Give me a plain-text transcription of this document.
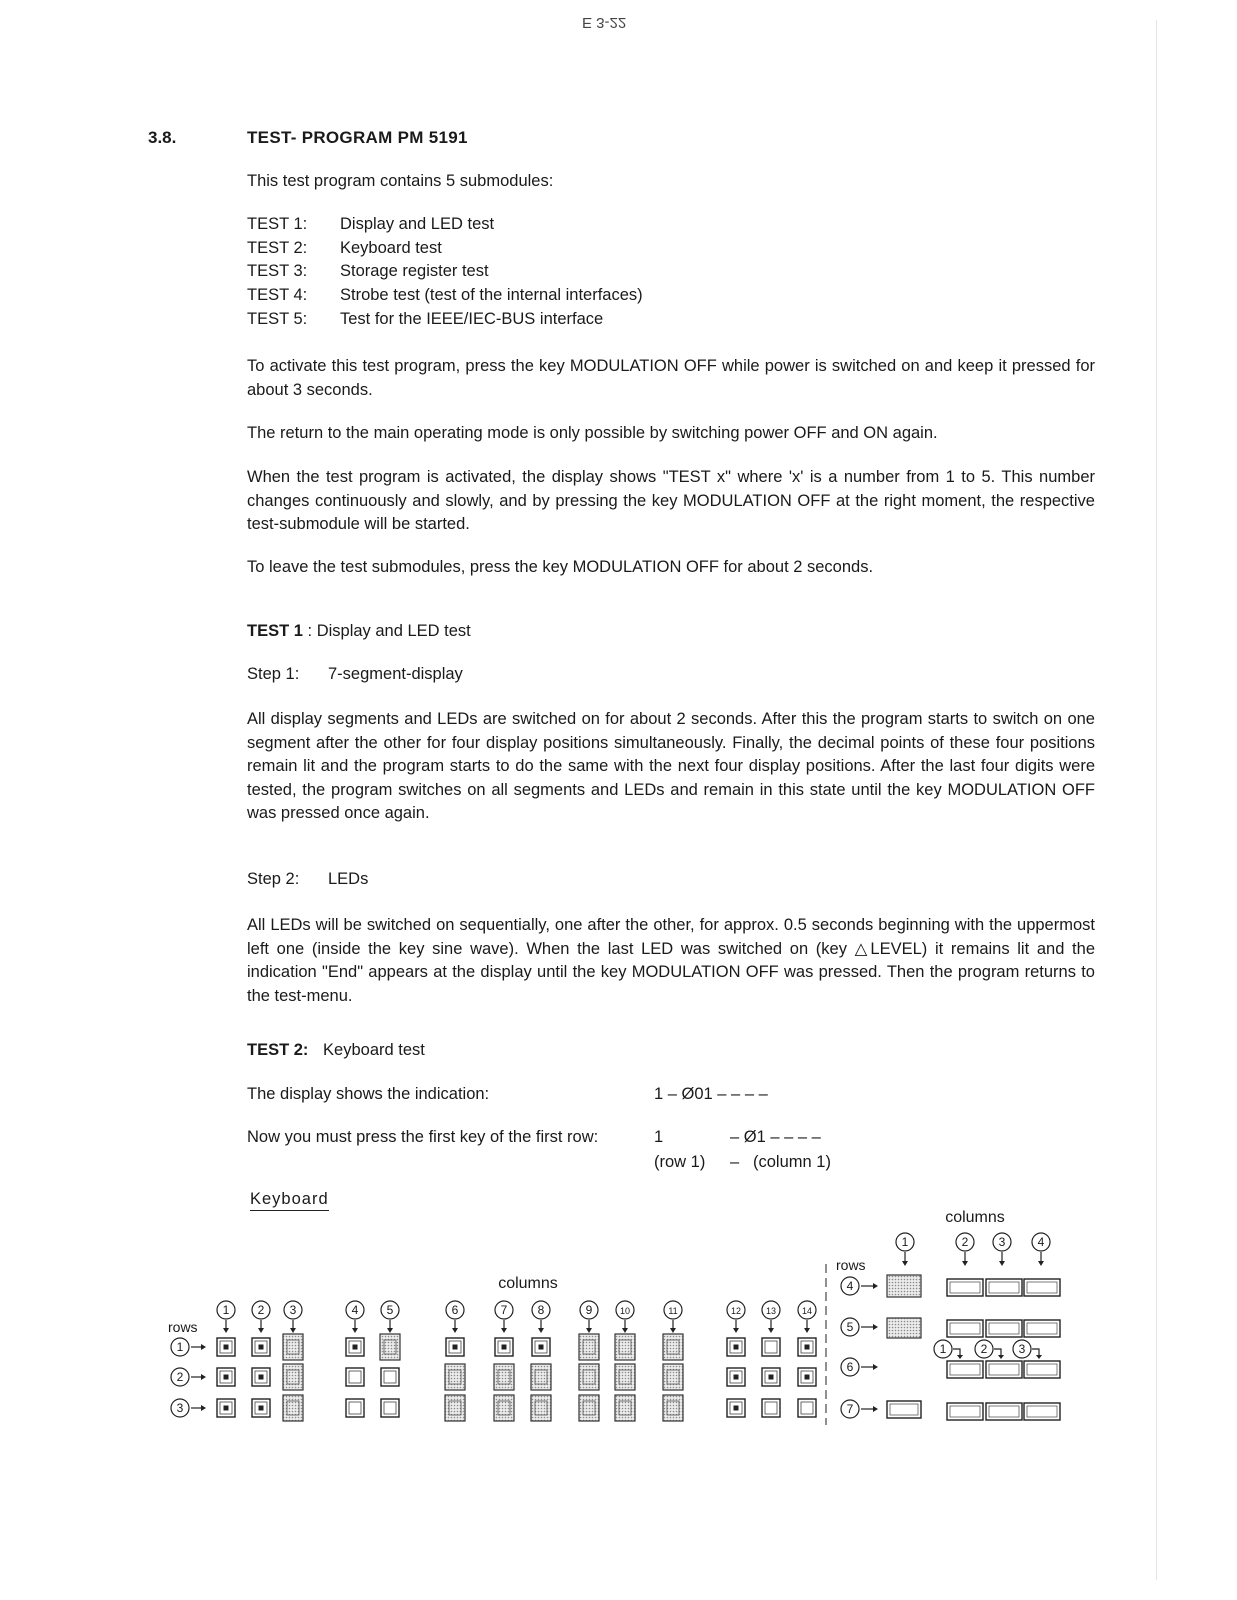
E 3-22
3.8.	TEST- PROGRAM PM 5191
This test program contains 5 submodules:
TEST 1: Display and LED test
TEST 2: Keyboard test
TEST 3: Storage register test
TEST 4: Strobe test (test of the internal interfaces)
TEST 5: Test for the IEEE/IEC-BUS interface
To activate this test program, press the key MODULATION OFF while power is switched on and keep it pressed for about 3 seconds.
The return to the main operating mode is only possible by switching power OFF and ON again.
When the test program is activated, the display shows "TEST x" where 'x' is a number from 1 to 5. This number changes continuously and slowly, and by pressing the key MODULATION OFF at the right moment, the respective test-submodule will be started.
To leave the test submodules, press the key MODULATION OFF for about 2 seconds.
TEST 1 : Display and LED test
Step 1: 7-segment-display
All display segments and LEDs are switched on for about 2 seconds. After this the program starts to switch on one segment after the other for four display positions simultaneously. Finally, the decimal points of these four positions remain lit and the program starts to do the same with the next four display positions. After the last four digits were tested, the program switches on all segments and LEDs and remain in this state until the key MODULATION OFF was pressed once again.
Step 2: LEDs
All LEDs will be switched on sequentially, one after the other, for approx. 0.5 seconds beginning with the uppermost left one (inside the key sine wave). When the last LED was switched on (key △LEVEL) it remains lit and the indication "End" appears at the display until the key MODULATION OFF was pressed. Then the program returns to the test-menu.
TEST 2: Keyboard test
The display shows the indication:	1 – Ø01 – – – –
Now you must press the first key of the first row:	1	– Ø1 – – – –
(row 1) – (column 1)
Keyboard
rows
1
2
3
columns
1 2 3	4 5	6	7	8	9	10	11	12	13	14
rows
columns
1	2	3	4
4
5
6
7
1	2	3
